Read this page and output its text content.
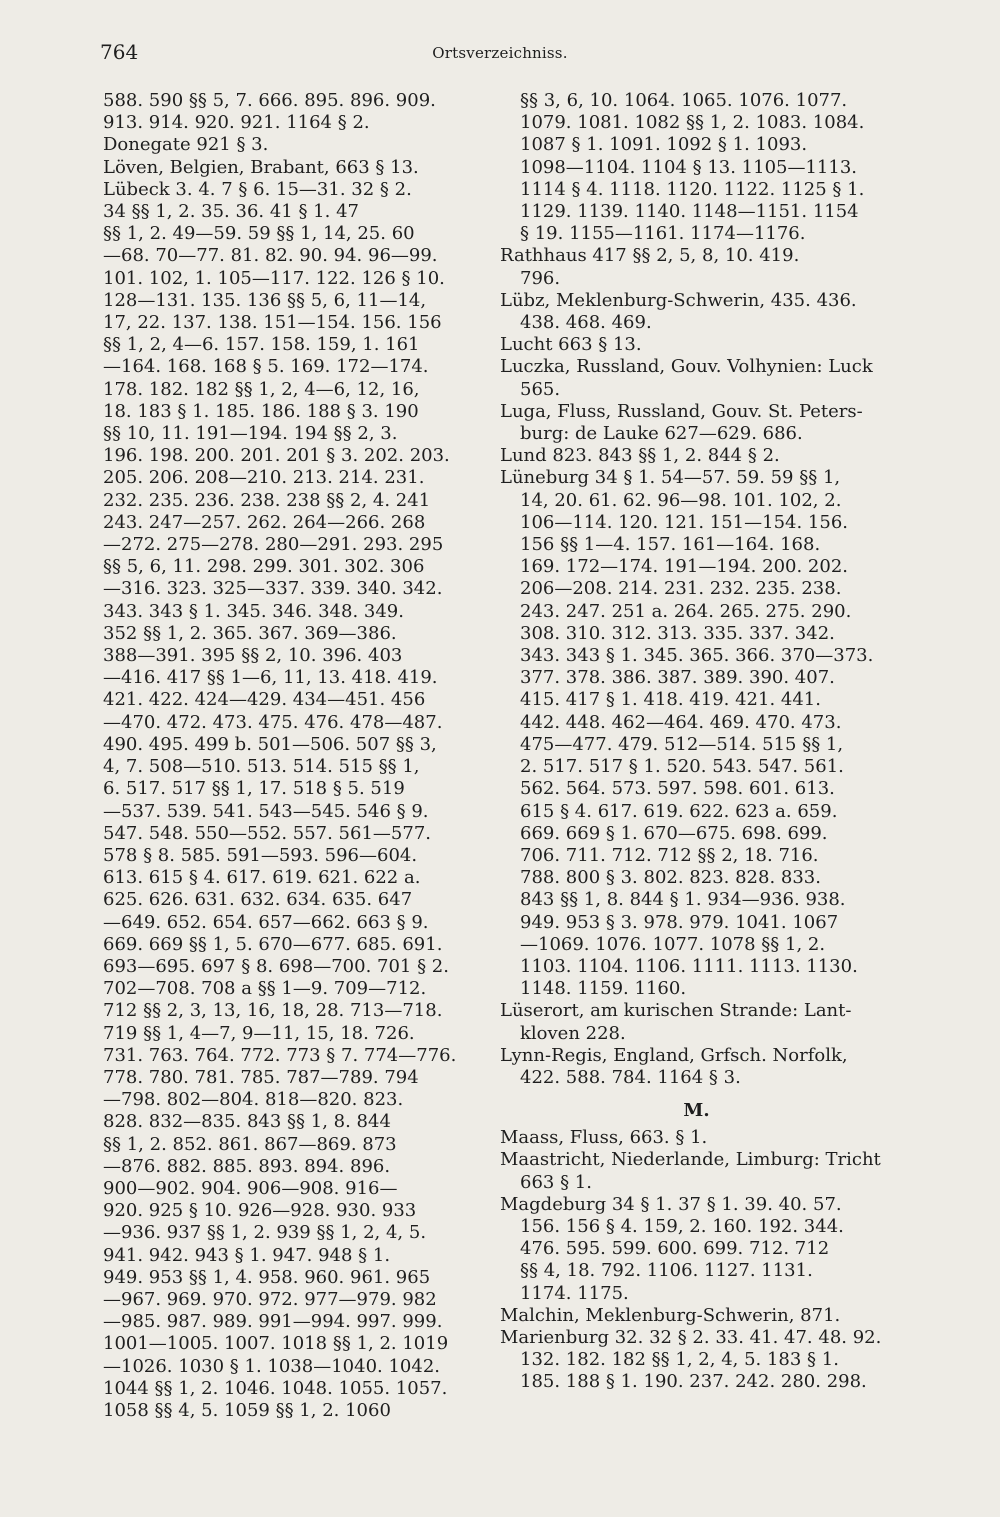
764	Ortsverzeichniss.
588. 590 §§ 5, 7. 666. 895. 896. 909.
913. 914. 920. 921. 1164 § 2.
Donegate 921 § 3.
Löven, Belgien, Brabant, 663 § 13.
Lübeck 3. 4. 7 § 6. 15—31. 32 § 2.
34 §§ 1, 2. 35. 36. 41 § 1. 47
§§ 1, 2. 49—59. 59 §§ 1, 14, 25. 60
—68. 70—77. 81. 82. 90. 94. 96—99.
101. 102, 1. 105—117. 122. 126 § 10.
128—131. 135. 136 §§ 5, 6, 11—14,
17, 22. 137. 138. 151—154. 156. 156
§§ 1, 2, 4—6. 157. 158. 159, 1. 161
—164. 168. 168 § 5. 169. 172—174.
178. 182. 182 §§ 1, 2, 4—6, 12, 16,
18. 183 § 1. 185. 186. 188 § 3. 190
§§ 10, 11. 191—194. 194 §§ 2, 3.
196. 198. 200. 201. 201 § 3. 202. 203.
205. 206. 208—210. 213. 214. 231.
232. 235. 236. 238. 238 §§ 2, 4. 241
243. 247—257. 262. 264—266. 268
—272. 275—278. 280—291. 293. 295
§§ 5, 6, 11. 298. 299. 301. 302. 306
—316. 323. 325—337. 339. 340. 342.
343. 343 § 1. 345. 346. 348. 349.
352 §§ 1, 2. 365. 367. 369—386.
388—391. 395 §§ 2, 10. 396. 403
—416. 417 §§ 1—6, 11, 13. 418. 419.
421. 422. 424—429. 434—451. 456
—470. 472. 473. 475. 476. 478—487.
490. 495. 499 b. 501—506. 507 §§ 3,
4, 7. 508—510. 513. 514. 515 §§ 1,
6. 517. 517 §§ 1, 17. 518 § 5. 519
—537. 539. 541. 543—545. 546 § 9.
547. 548. 550—552. 557. 561—577.
578 § 8. 585. 591—593. 596—604.
613. 615 § 4. 617. 619. 621. 622 a.
625. 626. 631. 632. 634. 635. 647
—649. 652. 654. 657—662. 663 § 9.
669. 669 §§ 1, 5. 670—677. 685. 691.
693—695. 697 § 8. 698—700. 701 § 2.
702—708. 708 a §§ 1—9. 709—712.
712 §§ 2, 3, 13, 16, 18, 28. 713—718.
719 §§ 1, 4—7, 9—11, 15, 18. 726.
731. 763. 764. 772. 773 § 7. 774—776.
778. 780. 781. 785. 787—789. 794
—798. 802—804. 818—820. 823.
828. 832—835. 843 §§ 1, 8. 844
§§ 1, 2. 852. 861. 867—869. 873
—876. 882. 885. 893. 894. 896.
900—902. 904. 906—908. 916—
920. 925 § 10. 926—928. 930. 933
—936. 937 §§ 1, 2. 939 §§ 1, 2, 4, 5.
941. 942. 943 § 1. 947. 948 § 1.
949. 953 §§ 1, 4. 958. 960. 961. 965
—967. 969. 970. 972. 977—979. 982
—985. 987. 989. 991—994. 997. 999.
1001—1005. 1007. 1018 §§ 1, 2. 1019
—1026. 1030 § 1. 1038—1040. 1042.
1044 §§ 1, 2. 1046. 1048. 1055. 1057.
1058 §§ 4, 5. 1059 §§ 1, 2. 1060
§§ 3, 6, 10. 1064. 1065. 1076. 1077.
1079. 1081. 1082 §§ 1, 2. 1083. 1084.
1087 § 1. 1091. 1092 § 1. 1093.
1098—1104. 1104 § 13. 1105—1113.
1114 § 4. 1118. 1120. 1122. 1125 § 1.
1129. 1139. 1140. 1148—1151. 1154
§ 19. 1155—1161. 1174—1176.
Rathhaus 417 §§ 2, 5, 8, 10. 419.
796.
Lübz, Meklenburg-Schwerin, 435. 436.
438. 468. 469.
Lucht 663 § 13.
Luczka, Russland, Gouv. Volhynien: Luck
565.
Luga, Fluss, Russland, Gouv. St. Peters-
burg: de Lauke 627—629. 686.
Lund 823. 843 §§ 1, 2. 844 § 2.
Lüneburg 34 § 1. 54—57. 59. 59 §§ 1,
14, 20. 61. 62. 96—98. 101. 102, 2.
106—114. 120. 121. 151—154. 156.
156 §§ 1—4. 157. 161—164. 168.
169. 172—174. 191—194. 200. 202.
206—208. 214. 231. 232. 235. 238.
243. 247. 251 a. 264. 265. 275. 290.
308. 310. 312. 313. 335. 337. 342.
343. 343 § 1. 345. 365. 366. 370—373.
377. 378. 386. 387. 389. 390. 407.
415. 417 § 1. 418. 419. 421. 441.
442. 448. 462—464. 469. 470. 473.
475—477. 479. 512—514. 515 §§ 1,
2. 517. 517 § 1. 520. 543. 547. 561.
562. 564. 573. 597. 598. 601. 613.
615 § 4. 617. 619. 622. 623 a. 659.
669. 669 § 1. 670—675. 698. 699.
706. 711. 712. 712 §§ 2, 18. 716.
788. 800 § 3. 802. 823. 828. 833.
843 §§ 1, 8. 844 § 1. 934—936. 938.
949. 953 § 3. 978. 979. 1041. 1067
—1069. 1076. 1077. 1078 §§ 1, 2.
1103. 1104. 1106. 1111. 1113. 1130.
1148. 1159. 1160.
Lüserort, am kurischen Strande: Lant-
kloven 228.
Lynn-Regis, England, Grfsch. Norfolk,
422. 588. 784. 1164 § 3.
M.
Maass, Fluss, 663. § 1.
Maastricht, Niederlande, Limburg: Tricht
663 § 1.
Magdeburg 34 § 1. 37 § 1. 39. 40. 57.
156. 156 § 4. 159, 2. 160. 192. 344.
476. 595. 599. 600. 699. 712. 712
§§ 4, 18. 792. 1106. 1127. 1131.
1174. 1175.
Malchin, Meklenburg-Schwerin, 871.
Marienburg 32. 32 § 2. 33. 41. 47. 48. 92.
132. 182. 182 §§ 1, 2, 4, 5. 183 § 1.
185. 188 § 1. 190. 237. 242. 280. 298.
